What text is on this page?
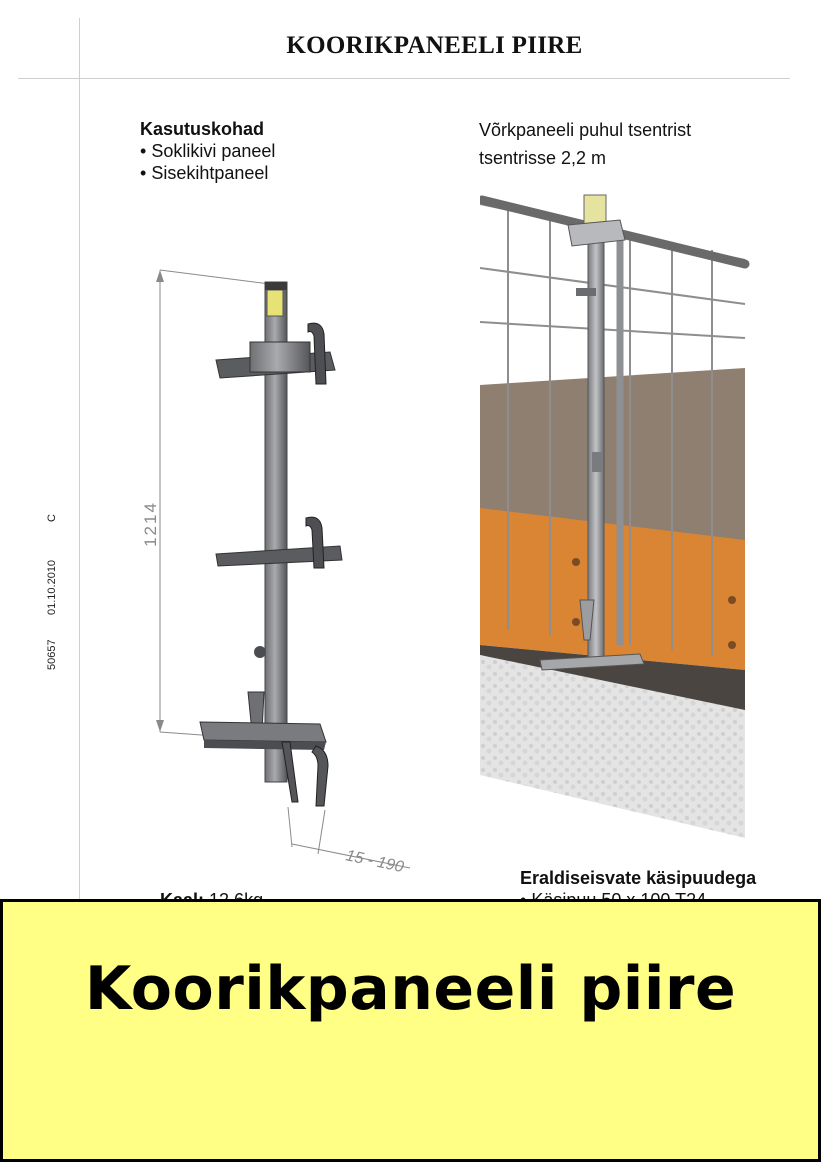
KOORIKPANEELI PIIRE
50657
01.10.2010
C
Kasutuskohad
• Soklikivi paneel
• Sisekihtpaneel
Võrkpaneeli puhul tsentrist
tsentrisse 2,2 m
1214
15 - 190
Eraldiseisvate käsipuudega
•
Koorikpaneeli piire
